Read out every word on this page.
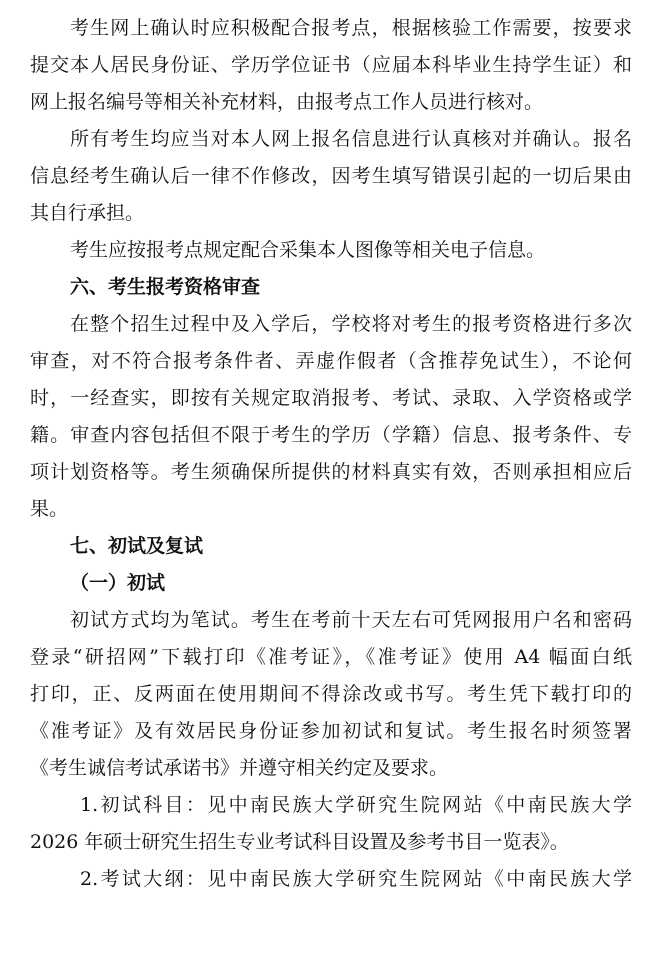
考生网上确认时应积极配合报考点，根据核验工作需要，按要求
提交本人居民身份证、学历学位证书（应届本科毕业生持学生证）和
网上报名编号等相关补充材料，由报考点工作人员进行核对。
所有考生均应当对本人网上报名信息进行认真核对并确认。报名
信息经考生确认后一律不作修改，因考生填写错误引起的一切后果由
其自行承担。
考生应按报考点规定配合采集本人图像等相关电子信息。
六、考生报考资格审查
在整个招生过程中及入学后，学校将对考生的报考资格进行多次
审查，对不符合报考条件者、弄虚作假者（含推荐免试生），不论何
时，一经查实，即按有关规定取消报考、考试、录取、入学资格或学
籍。审查内容包括但不限于考生的学历（学籍）信息、报考条件、专
项计划资格等。考生须确保所提供的材料真实有效，否则承担相应后
果。
七、初试及复试
（一）初试
初试方式均为笔试。考生在考前十天左右可凭网报用户名和密码
登录“研招网”下载打印《准考证》，《准考证》使用 A4 幅面白纸
打印，正、反两面在使用期间不得涂改或书写。考生凭下载打印的
《准考证》及有效居民身份证参加初试和复试。考生报名时须签署
《考生诚信考试承诺书》并遵守相关约定及要求。
1.初试科目：见中南民族大学研究生院网站《中南民族大学
2026 年硕士研究生招生专业考试科目设置及参考书目一览表》。
2.考试大纲：见中南民族大学研究生院网站《中南民族大学
